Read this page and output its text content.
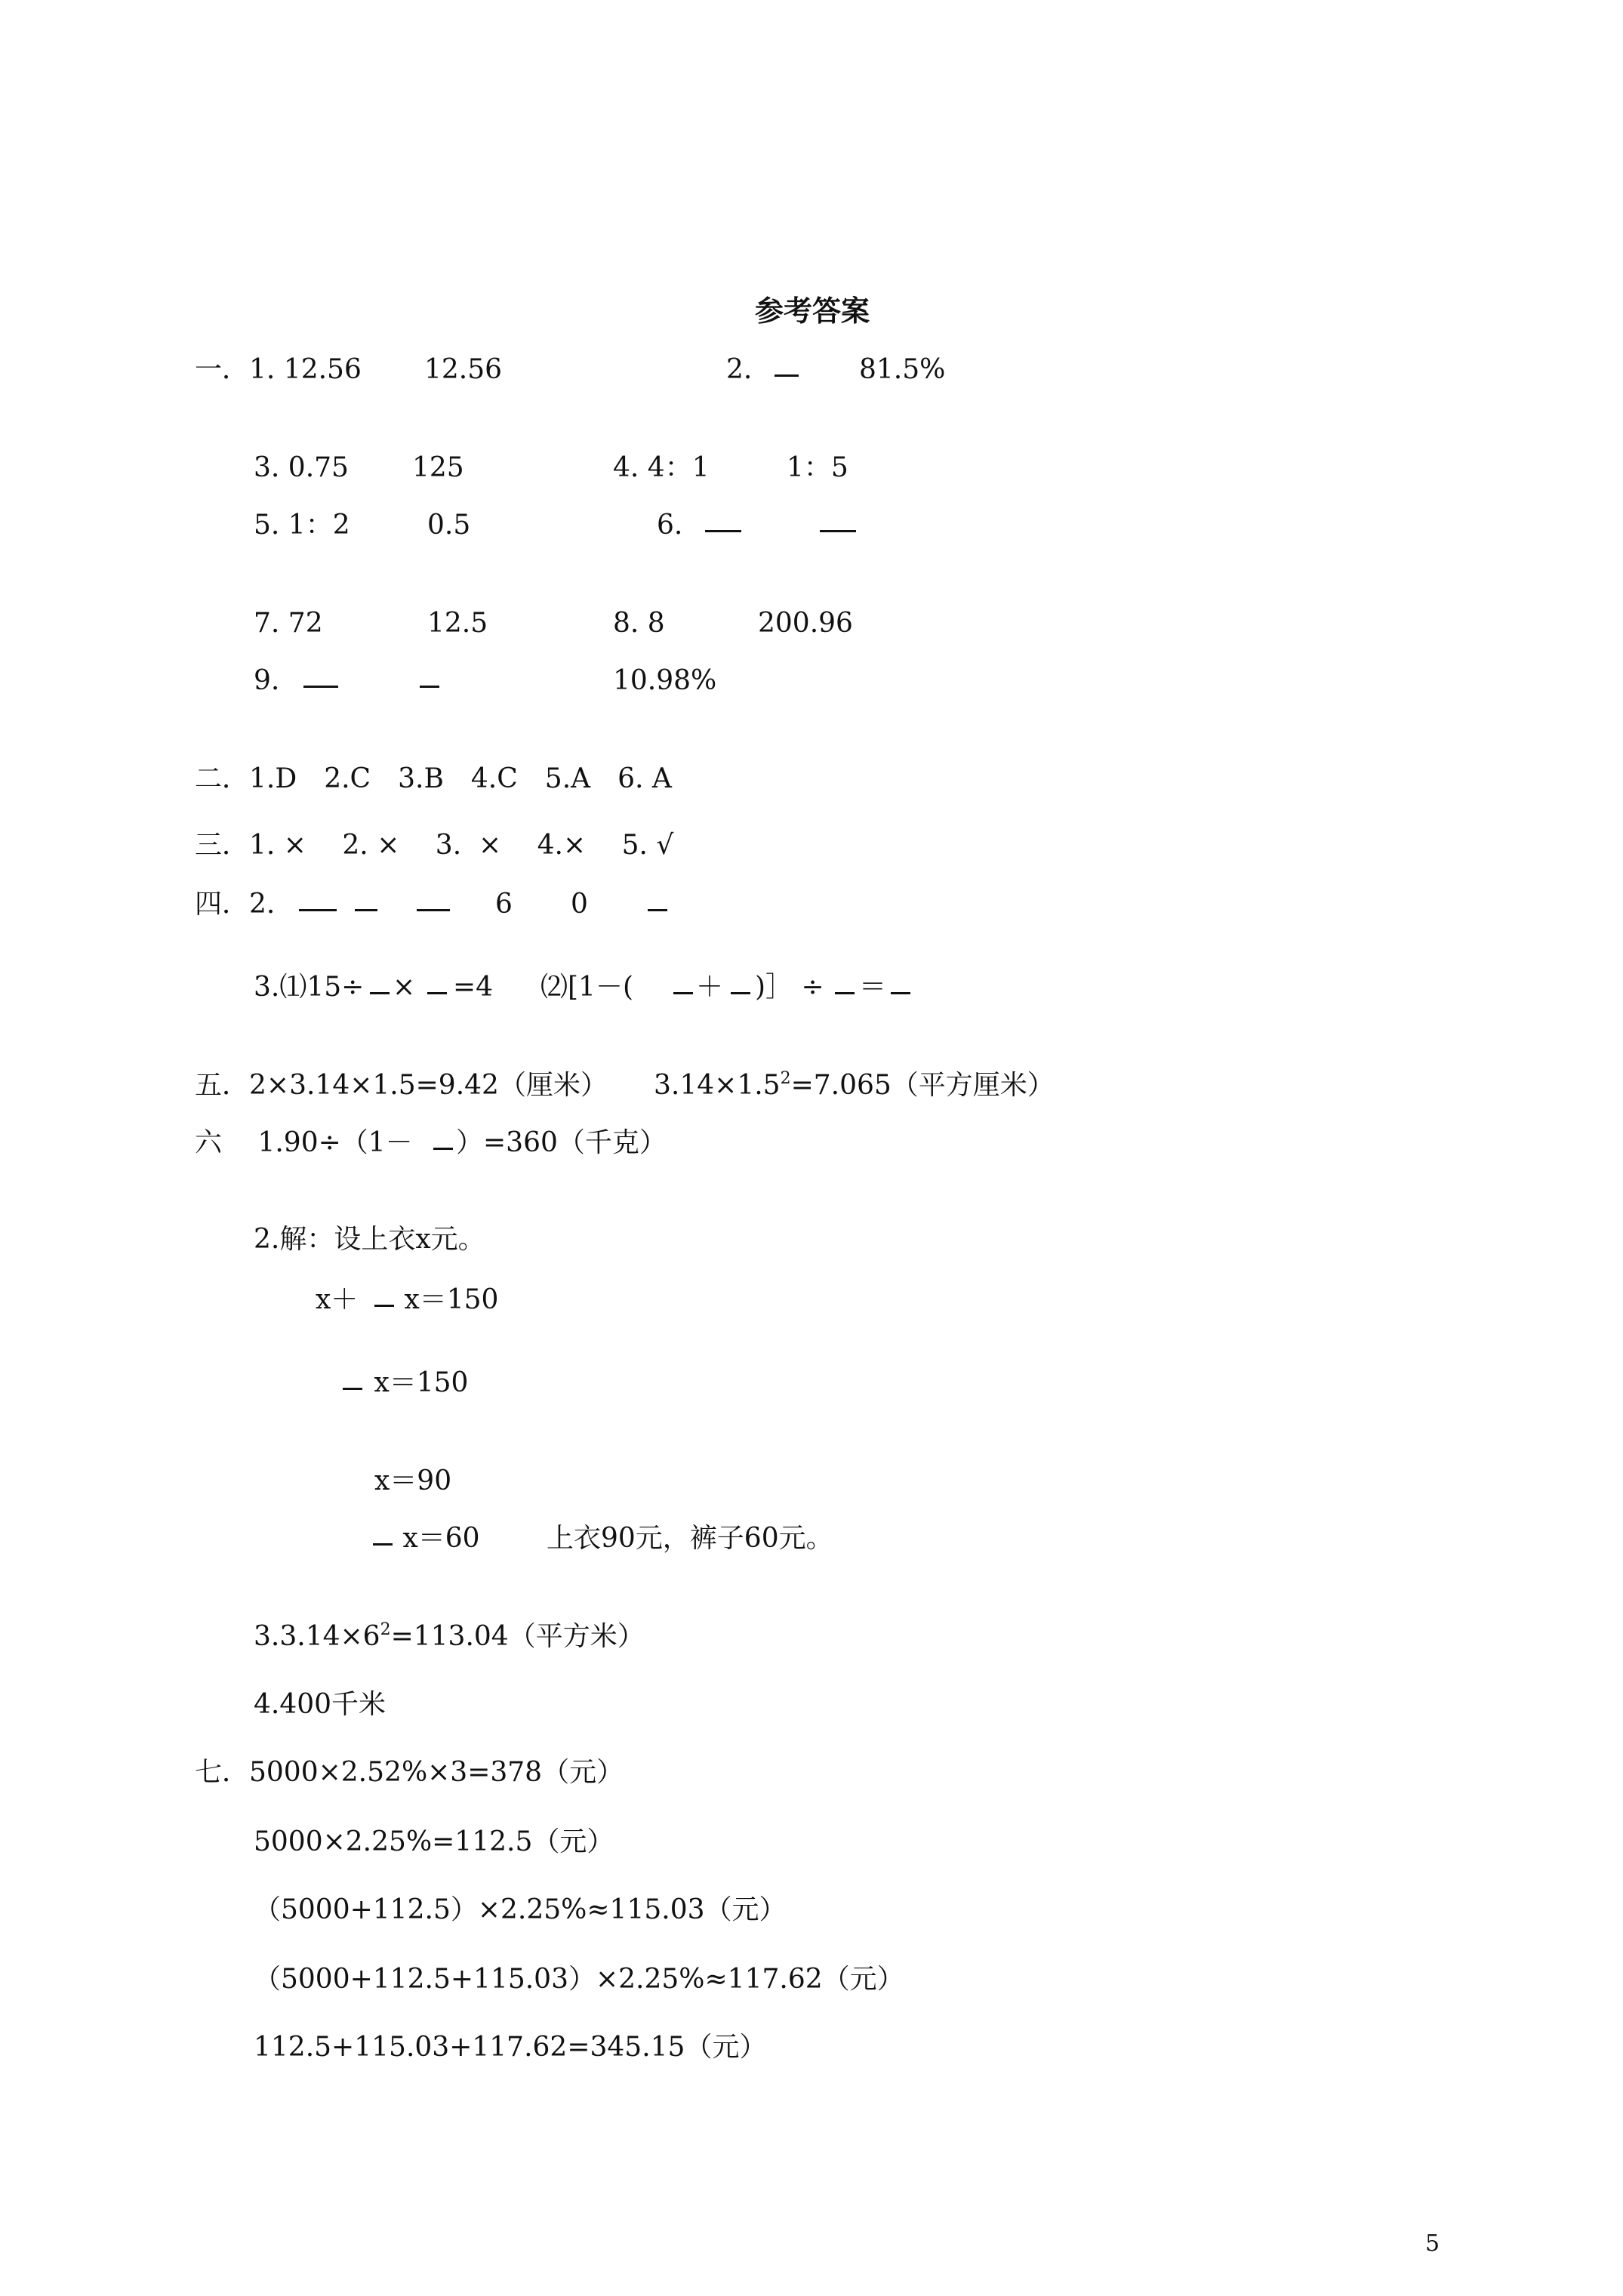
参考答案
一．1. 12.56 12.56	2.	81.5%
3. 0.75 125	4. 4：1	1：5
5. 1：2	0.5	6.
7. 72	12.5	8. 8	200.96
9.	10.98%
二．1.D　2.C　3.B　4.C　5.A　6. A
三．1. ×　 2. ×　 3.  ×　 4.×　 5. √
四．2.	6 0
3.⑴15÷ × =4 ⑵[1－( ＋ )］ ÷ ＝
五．2×3.14×1.5=9.42（厘米） $3.14\times 1.5^2=7.065$（平方厘米）
六　 1.90÷（1－ ）=360（千克）
2.解：设上衣x元。
x＋ x＝150
x＝150
x＝90
x＝60 上衣90元，裤子60元。
$3.3.14\times 6^2=113.04$（平方米）
4.400千米
七．5000×2.52%×3=378（元）
5000×2.25%=112.5（元）
（5000+112.5）×2.25%≈115.03（元）
（5000+112.5+115.03）×2.25%≈117.62（元）
112.5+115.03+117.62=345.15（元）
5
